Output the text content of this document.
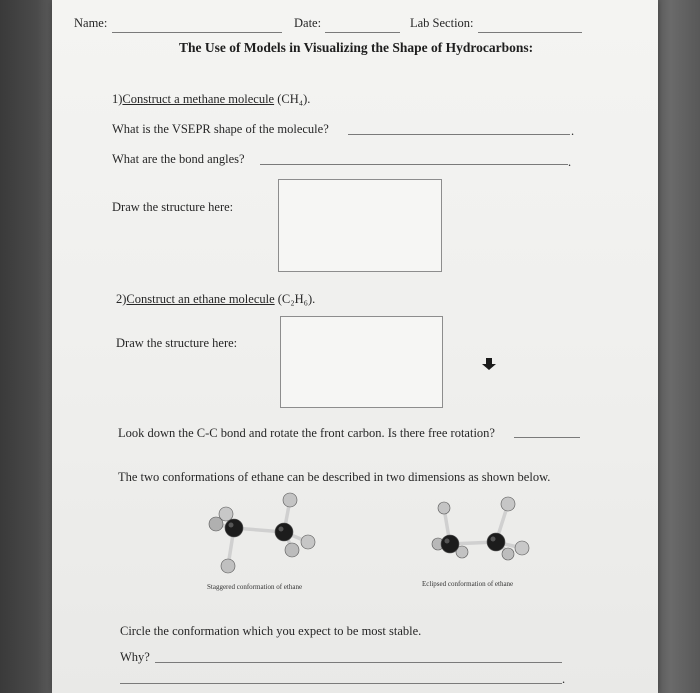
Name:	Date:	Lab Section:
The Use of Models in Visualizing the Shape of Hydrocarbons:
1)Construct a methane molecule (CH₄).
What is the VSEPR shape of the molecule?	.
What are the bond angles?	.
Draw the structure here:
2)Construct an ethane molecule (C₂H₆).
Draw the structure here:
Look down the C-C bond and rotate the front carbon. Is there free rotation?
The two conformations of ethane can be described in two dimensions as shown below.
Staggered conformation of ethane	Eclipsed conformation of ethane
Circle the conformation which you expect to be most stable.
Why?
.
